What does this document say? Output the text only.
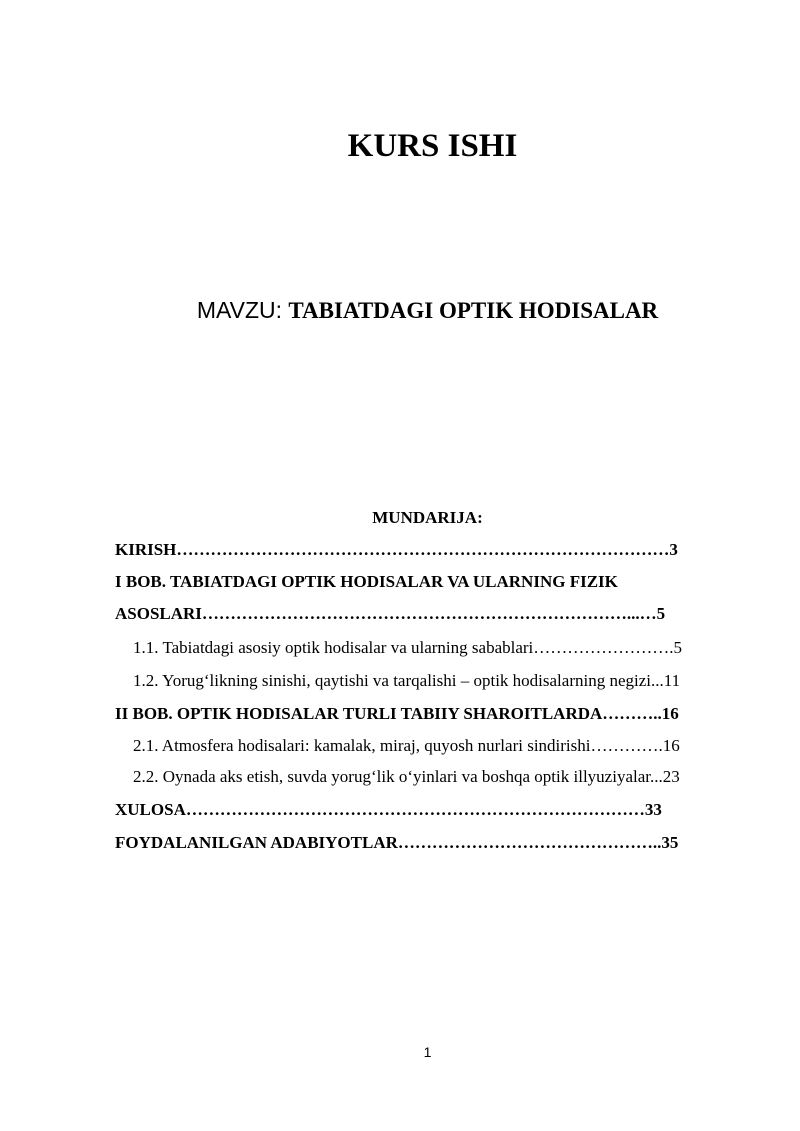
KURS ISHI
MAVZU: TABIATDAGI OPTIK HODISALAR
MUNDARIJA:
KIRISH……………………………………………………………………………3
I BOB. TABIATDAGI OPTIK HODISALAR VA ULARNING FIZIK
ASOSLARI…………………………………………………………………...…5
1.1. Tabiatdagi asosiy optik hodisalar va ularning sabablari…………………….5
1.2. Yorug‘likning sinishi, qaytishi va tarqalishi – optik hodisalarning negizi...11
II BOB. OPTIK HODISALAR TURLI TABIIY SHAROITLARDA………..16
2.1. Atmosfera hodisalari: kamalak, miraj, quyosh nurlari sindirishi………….16
2.2. Oynada aks etish, suvda yorug‘lik o‘yinlari va boshqa optik illyuziyalar...23
XULOSA………………………………………………………………………33
FOYDALANILGAN ADABIYOTLAR………………………………………..35
1
